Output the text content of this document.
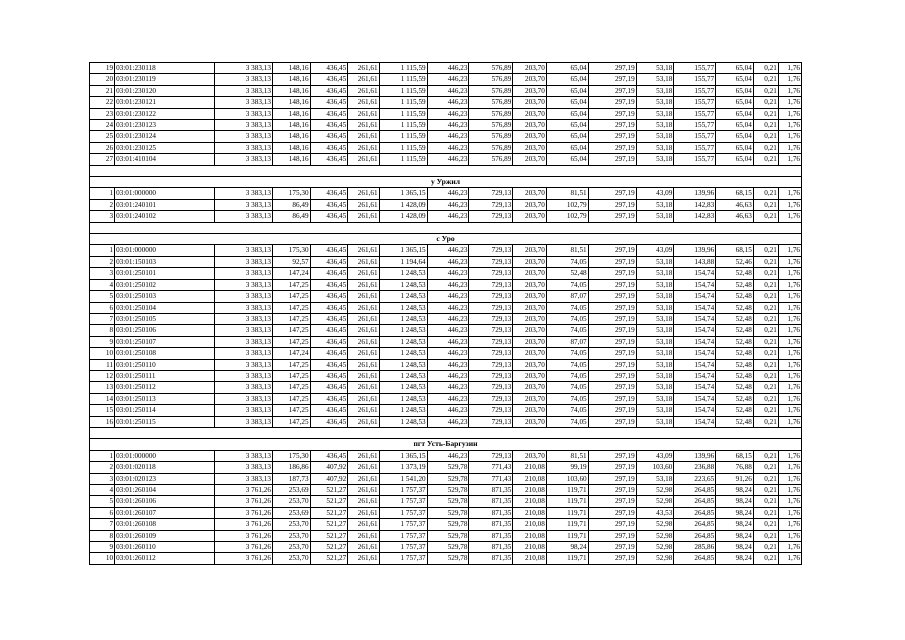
19	03:01:230118	3 383,13	148,16	436,45	261,61	1 115,59	446,23	576,89	203,70	65,04	297,19	53,18	155,77	65,04	0,21	1,76
20	03:01:230119	3 383,13	148,16	436,45	261,61	1 115,59	446,23	576,89	203,70	65,04	297,19	53,18	155,77	65,04	0,21	1,76
21	03:01:230120	3 383,13	148,16	436,45	261,61	1 115,59	446,23	576,89	203,70	65,04	297,19	53,18	155,77	65,04	0,21	1,76
22	03:01:230121	3 383,13	148,16	436,45	261,61	1 115,59	446,23	576,89	203,70	65,04	297,19	53,18	155,77	65,04	0,21	1,76
23	03:01:230122	3 383,13	148,16	436,45	261,61	1 115,59	446,23	576,89	203,70	65,04	297,19	53,18	155,77	65,04	0,21	1,76
24	03:01:230123	3 383,13	148,16	436,45	261,61	1 115,59	446,23	576,89	203,70	65,04	297,19	53,18	155,77	65,04	0,21	1,76
25	03:01:230124	3 383,13	148,16	436,45	261,61	1 115,59	446,23	576,89	203,70	65,04	297,19	53,18	155,77	65,04	0,21	1,76
26	03:01:230125	3 383,13	148,16	436,45	261,61	1 115,59	446,23	576,89	203,70	65,04	297,19	53,18	155,77	65,04	0,21	1,76
27	03:01:410104	3 383,13	148,16	436,45	261,61	1 115,59	446,23	576,89	203,70	65,04	297,19	53,18	155,77	65,04	0,21	1,76

у Уржил																
1	03:01:000000	3 383,13	175,30	436,45	261,61	1 365,15	446,23	729,13	203,70	81,51	297,19	43,09	139,96	68,15	0,21	1,76
2	03:01:240101	3 383,13	86,49	436,45	261,61	1 428,09	446,23	729,13	203,70	102,79	297,19	53,18	142,83	46,63	0,21	1,76
3	03:01:240102	3 383,13	86,49	436,45	261,61	1 428,09	446,23	729,13	203,70	102,79	297,19	53,18	142,83	46,63	0,21	1,76

с Уро																
1	03:01:000000	3 383,13	175,30	436,45	261,61	1 365,15	446,23	729,13	203,70	81,51	297,19	43,09	139,96	68,15	0,21	1,76
2	03:01:150103	3 383,13	92,57	436,45	261,61	1 194,64	446,23	729,13	203,70	74,05	297,19	53,18	143,88	52,46	0,21	1,76
3	03:01:250101	3 383,13	147,24	436,45	261,61	1 248,53	446,23	729,13	203,70	52,48	297,19	53,18	154,74	52,48	0,21	1,76
4	03:01:250102	3 383,13	147,25	436,45	261,61	1 248,53	446,23	729,13	203,70	74,05	297,19	53,18	154,74	52,48	0,21	1,76
5	03:01:250103	3 383,13	147,25	436,45	261,61	1 248,53	446,23	729,13	203,70	87,07	297,19	53,18	154,74	52,48	0,21	1,76
6	03:01:250104	3 383,13	147,25	436,45	261,61	1 248,53	446,23	729,13	203,70	74,05	297,19	53,18	154,74	52,48	0,21	1,76
7	03:01:250105	3 383,13	147,25	436,45	261,61	1 248,53	446,23	729,13	203,70	74,05	297,19	53,18	154,74	52,48	0,21	1,76
8	03:01:250106	3 383,13	147,25	436,45	261,61	1 248,53	446,23	729,13	203,70	74,05	297,19	53,18	154,74	52,48	0,21	1,76
9	03:01:250107	3 383,13	147,25	436,45	261,61	1 248,53	446,23	729,13	203,70	87,07	297,19	53,18	154,74	52,48	0,21	1,76
10	03:01:250108	3 383,13	147,24	436,45	261,61	1 248,53	446,23	729,13	203,70	74,05	297,19	53,18	154,74	52,48	0,21	1,76
11	03:01:250110	3 383,13	147,25	436,45	261,61	1 248,53	446,23	729,13	203,70	74,05	297,19	53,18	154,74	52,48	0,21	1,76
12	03:01:250111	3 383,13	147,25	436,45	261,61	1 248,53	446,23	729,13	203,70	74,05	297,19	53,18	154,74	52,48	0,21	1,76
13	03:01:250112	3 383,13	147,25	436,45	261,61	1 248,53	446,23	729,13	203,70	74,05	297,19	53,18	154,74	52,48	0,21	1,76
14	03:01:250113	3 383,13	147,25	436,45	261,61	1 248,53	446,23	729,13	203,70	74,05	297,19	53,18	154,74	52,48	0,21	1,76
15	03:01:250114	3 383,13	147,25	436,45	261,61	1 248,53	446,23	729,13	203,70	74,05	297,19	53,18	154,74	52,48	0,21	1,76
16	03:01:250115	3 383,13	147,25	436,45	261,61	1 248,53	446,23	729,13	203,70	74,05	297,19	53,18	154,74	52,48	0,21	1,76

пгт Усть-Баргузин																
1	03:01:000000	3 383,13	175,30	436,45	261,61	1 365,15	446,23	729,13	203,70	81,51	297,19	43,09	139,96	68,15	0,21	1,76
2	03:01:020118	3 383,13	186,86	407,92	261,61	1 373,19	529,78	771,43	210,08	99,19	297,19	103,60	236,88	76,88	0,21	1,76
3	03:01:020123	3 383,13	187,73	407,92	261,61	1 541,20	529,78	771,43	210,08	103,60	297,19	53,18	223,65	91,26	0,21	1,76
4	03:01:260104	3 761,26	253,69	521,27	261,61	1 757,37	529,78	871,35	210,08	119,71	297,19	52,98	264,85	98,24	0,21	1,76
5	03:01:260106	3 761,26	253,70	521,27	261,61	1 757,37	529,78	871,35	210,08	119,71	297,19	52,98	264,85	98,24	0,21	1,76
6	03:01:260107	3 761,26	253,69	521,27	261,61	1 757,37	529,78	871,35	210,08	119,71	297,19	43,53	264,85	98,24	0,21	1,76
7	03:01:260108	3 761,26	253,70	521,27	261,61	1 757,37	529,78	871,35	210,08	119,71	297,19	52,98	264,85	98,24	0,21	1,76
8	03:01:260109	3 761,26	253,70	521,27	261,61	1 757,37	529,78	871,35	210,08	119,71	297,19	52,98	264,85	98,24	0,21	1,76
9	03:01:260110	3 761,26	253,70	521,27	261,61	1 757,37	529,78	871,35	210,08	98,24	297,19	52,98	285,86	98,24	0,21	1,76
10	03:01:260112	3 761,26	253,70	521,27	261,61	1 757,37	529,78	871,35	210,08	119,71	297,19	52,98	264,85	98,24	0,21	1,76
